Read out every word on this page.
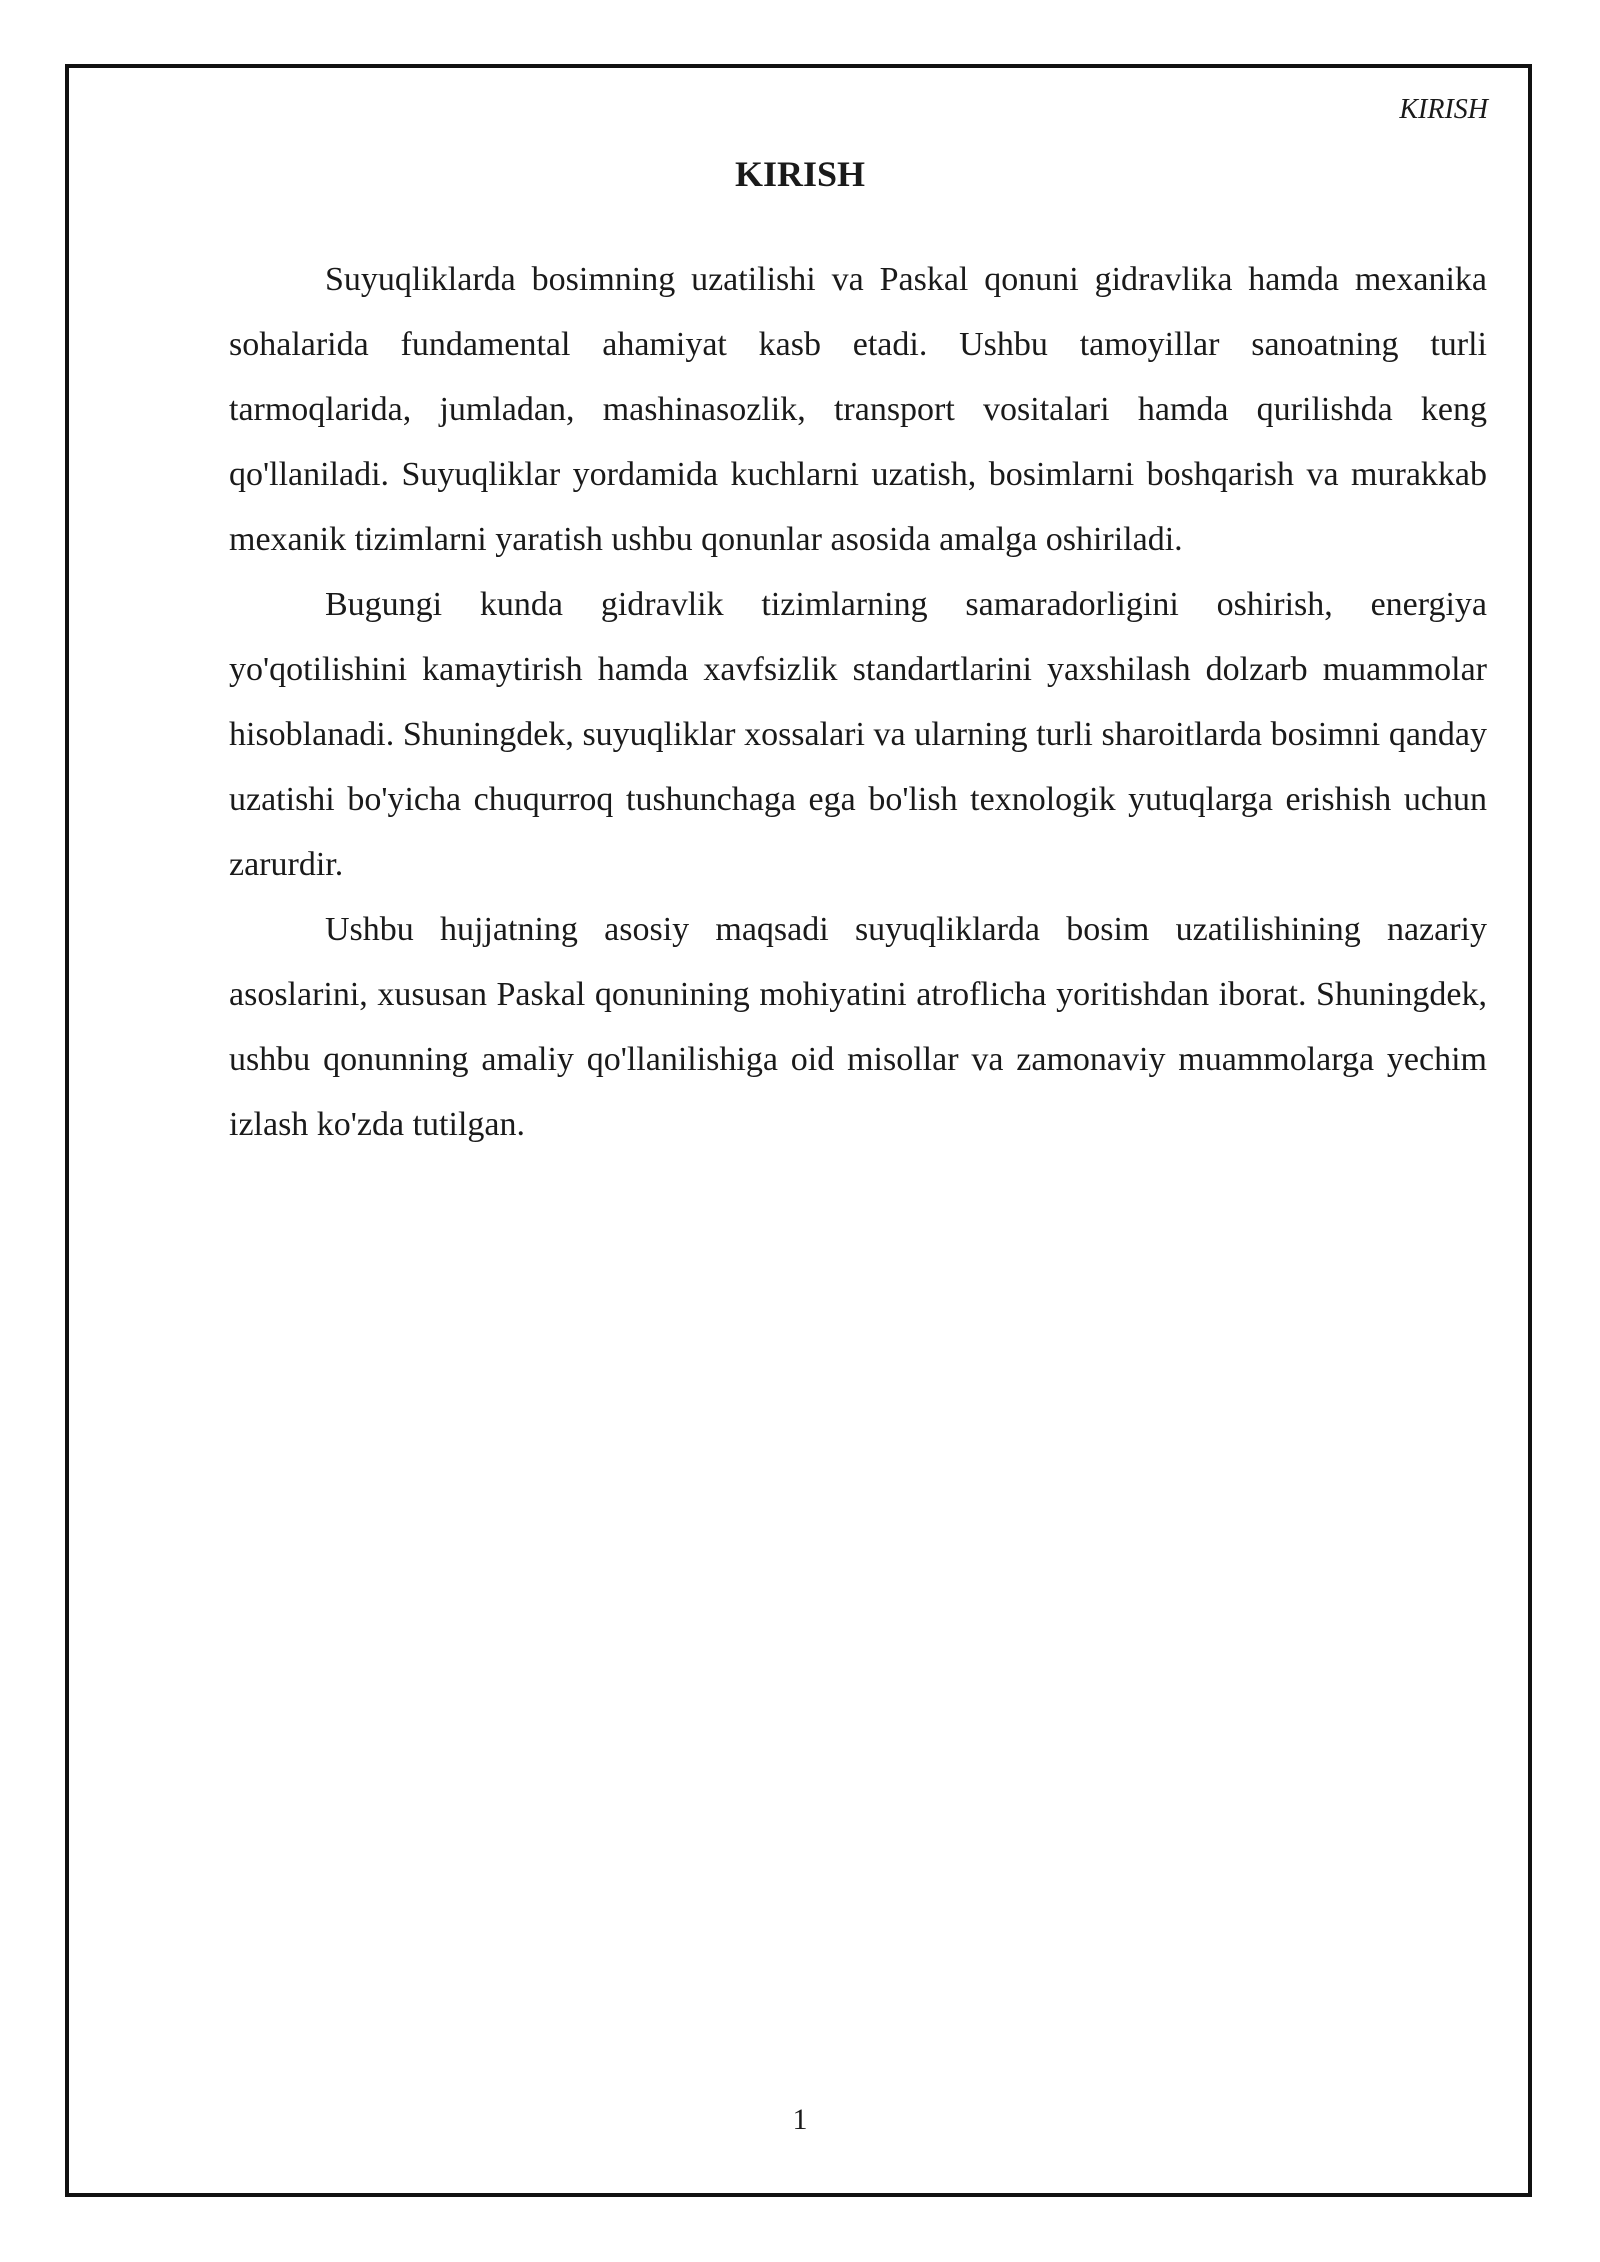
KIRISH
KIRISH

Suyuqliklarda bosimning uzatilishi va Paskal qonuni gidravlika hamda mexanika sohalarida fundamental ahamiyat kasb etadi. Ushbu tamoyillar sanoatning turli tarmoqlarida, jumladan, mashinasozlik, transport vositalari hamda qurilishda keng qo'llaniladi. Suyuqliklar yordamida kuchlarni uzatish, bosimlarni boshqarish va murakkab mexanik tizimlarni yaratish ushbu qonunlar asosida amalga oshiriladi.

Bugungi kunda gidravlik tizimlarning samaradorligini oshirish, energiya yo'qotilishini kamaytirish hamda xavfsizlik standartlarini yaxshilash dolzarb muammolar hisoblanadi. Shuningdek, suyuqliklar xossalari va ularning turli sharoitlarda bosimni qanday uzatishi bo'yicha chuqurroq tushunchaga ega bo'lish texnologik yutuqlarga erishish uchun zarurdir.

Ushbu hujjatning asosiy maqsadi suyuqliklarda bosim uzatilishining nazariy asoslarini, xususan Paskal qonunining mohiyatini atroflicha yoritishdan iborat. Shuningdek, ushbu qonunning amaliy qo'llanilishiga oid misollar va zamonaviy muammolarga yechim izlash ko'zda tutilgan.

1
